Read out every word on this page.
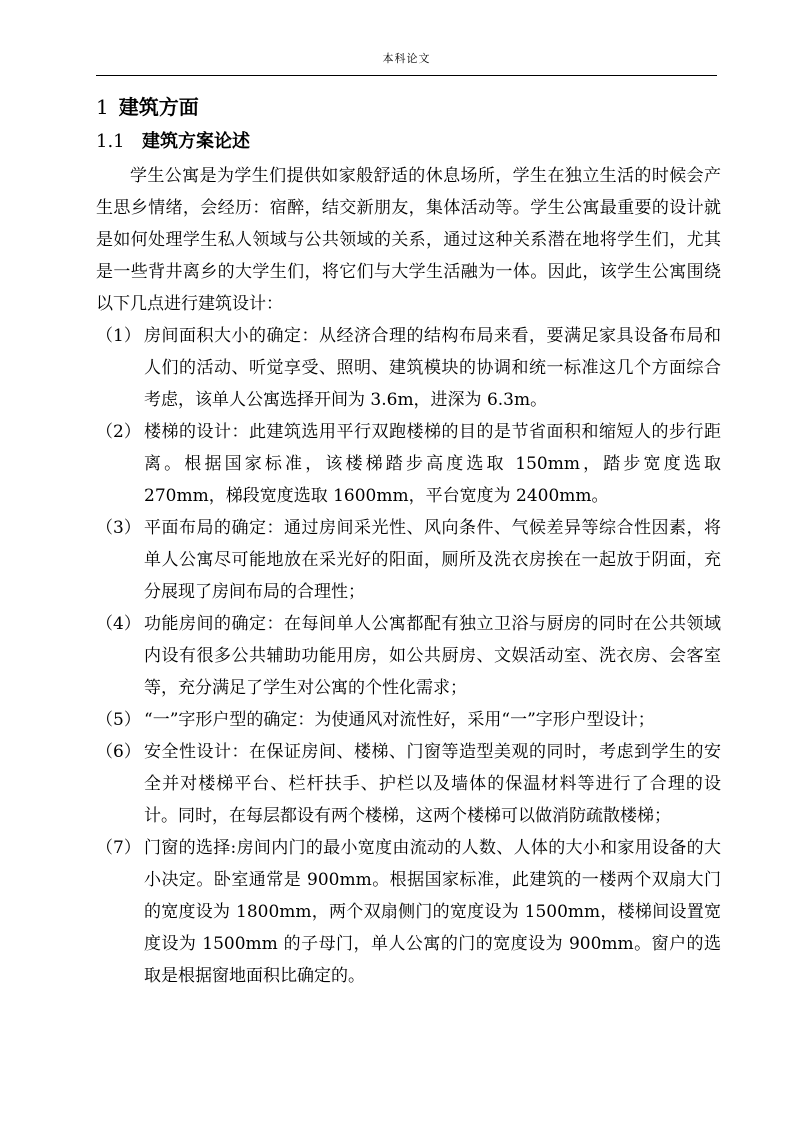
本科论文
1 建筑方面
1.1 建筑方案论述

学生公寓是为学生们提供如家般舒适的休息场所，学生在独立生活的时候会产生思乡情绪，会经历：宿醉，结交新朋友，集体活动等。学生公寓最重要的设计就是如何处理学生私人领域与公共领域的关系，通过这种关系潜在地将学生们，尤其是一些背井离乡的大学生们，将它们与大学生活融为一体。因此，该学生公寓围绕以下几点进行建筑设计：

（1） 房间面积大小的确定：从经济合理的结构布局来看，要满足家具设备布局和人们的活动、听觉享受、照明、建筑模块的协调和统一标准这几个方面综合考虑，该单人公寓选择开间为 3.6m，进深为 6.3m。
（2） 楼梯的设计：此建筑选用平行双跑楼梯的目的是节省面积和缩短人的步行距离。根据国家标准，该楼梯踏步高度选取 150mm，踏步宽度选取 270mm，梯段宽度选取 1600mm，平台宽度为 2400mm。
（3） 平面布局的确定：通过房间采光性、风向条件、气候差异等综合性因素，将单人公寓尽可能地放在采光好的阳面，厕所及洗衣房挨在一起放于阴面，充分展现了房间布局的合理性；
（4） 功能房间的确定：在每间单人公寓都配有独立卫浴与厨房的同时在公共领域内设有很多公共辅助功能用房，如公共厨房、文娱活动室、洗衣房、会客室等，充分满足了学生对公寓的个性化需求；
（5） “一”字形户型的确定：为使通风对流性好，采用“一”字形户型设计；
（6） 安全性设计：在保证房间、楼梯、门窗等造型美观的同时，考虑到学生的安全并对楼梯平台、栏杆扶手、护栏以及墙体的保温材料等进行了合理的设计。同时，在每层都设有两个楼梯，这两个楼梯可以做消防疏散楼梯；
（7） 门窗的选择:房间内门的最小宽度由流动的人数、人体的大小和家用设备的大小决定。卧室通常是 900mm。根据国家标准，此建筑的一楼两个双扇大门的宽度设为 1800mm，两个双扇侧门的宽度设为 1500mm，楼梯间设置宽度设为 1500mm 的子母门，单人公寓的门的宽度设为 900mm。窗户的选取是根据窗地面积比确定的。
